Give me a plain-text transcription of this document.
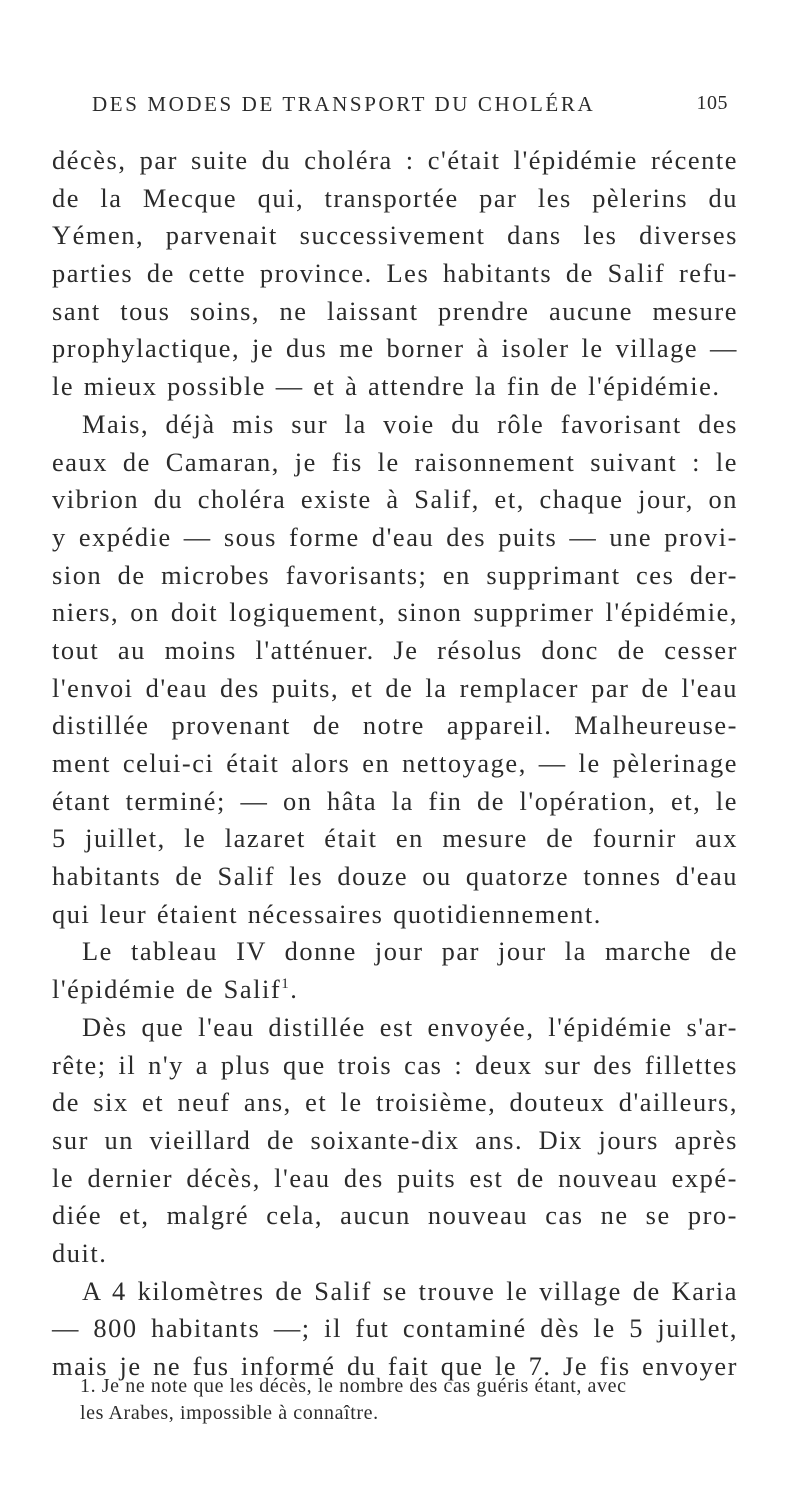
DES MODES DE TRANSPORT DU CHOLÉRA	105
décès, par suite du choléra : c'était l'épidémie récente
de la Mecque qui, transportée par les pèlerins du
Yémen, parvenait successivement dans les diverses
parties de cette province. Les habitants de Salif refu-
sant tous soins, ne laissant prendre aucune mesure
prophylactique, je dus me borner à isoler le village —
le mieux possible — et à attendre la fin de l'épidémie.
Mais, déjà mis sur la voie du rôle favorisant des
eaux de Camaran, je fis le raisonnement suivant : le
vibrion du choléra existe à Salif, et, chaque jour, on
y expédie — sous forme d'eau des puits — une provi-
sion de microbes favorisants; en supprimant ces der-
niers, on doit logiquement, sinon supprimer l'épidémie,
tout au moins l'atténuer. Je résolus donc de cesser
l'envoi d'eau des puits, et de la remplacer par de l'eau
distillée provenant de notre appareil. Malheureuse-
ment celui-ci était alors en nettoyage, — le pèlerinage
étant terminé; — on hâta la fin de l'opération, et, le
5 juillet, le lazaret était en mesure de fournir aux
habitants de Salif les douze ou quatorze tonnes d'eau
qui leur étaient nécessaires quotidiennement.
Le tableau IV donne jour par jour la marche de
l'épidémie de Salif$^1$.
Dès que l'eau distillée est envoyée, l'épidémie s'ar-
rête; il n'y a plus que trois cas : deux sur des fillettes
de six et neuf ans, et le troisième, douteux d'ailleurs,
sur un vieillard de soixante-dix ans. Dix jours après
le dernier décès, l'eau des puits est de nouveau expé-
diée et, malgré cela, aucun nouveau cas ne se pro-
duit.
A 4 kilomètres de Salif se trouve le village de Karia
— 800 habitants —; il fut contaminé dès le 5 juillet,
mais je ne fus informé du fait que le 7. Je fis envoyer
1. Je ne note que les décès, le nombre des cas guéris étant, avec
les Arabes, impossible à connaître.
